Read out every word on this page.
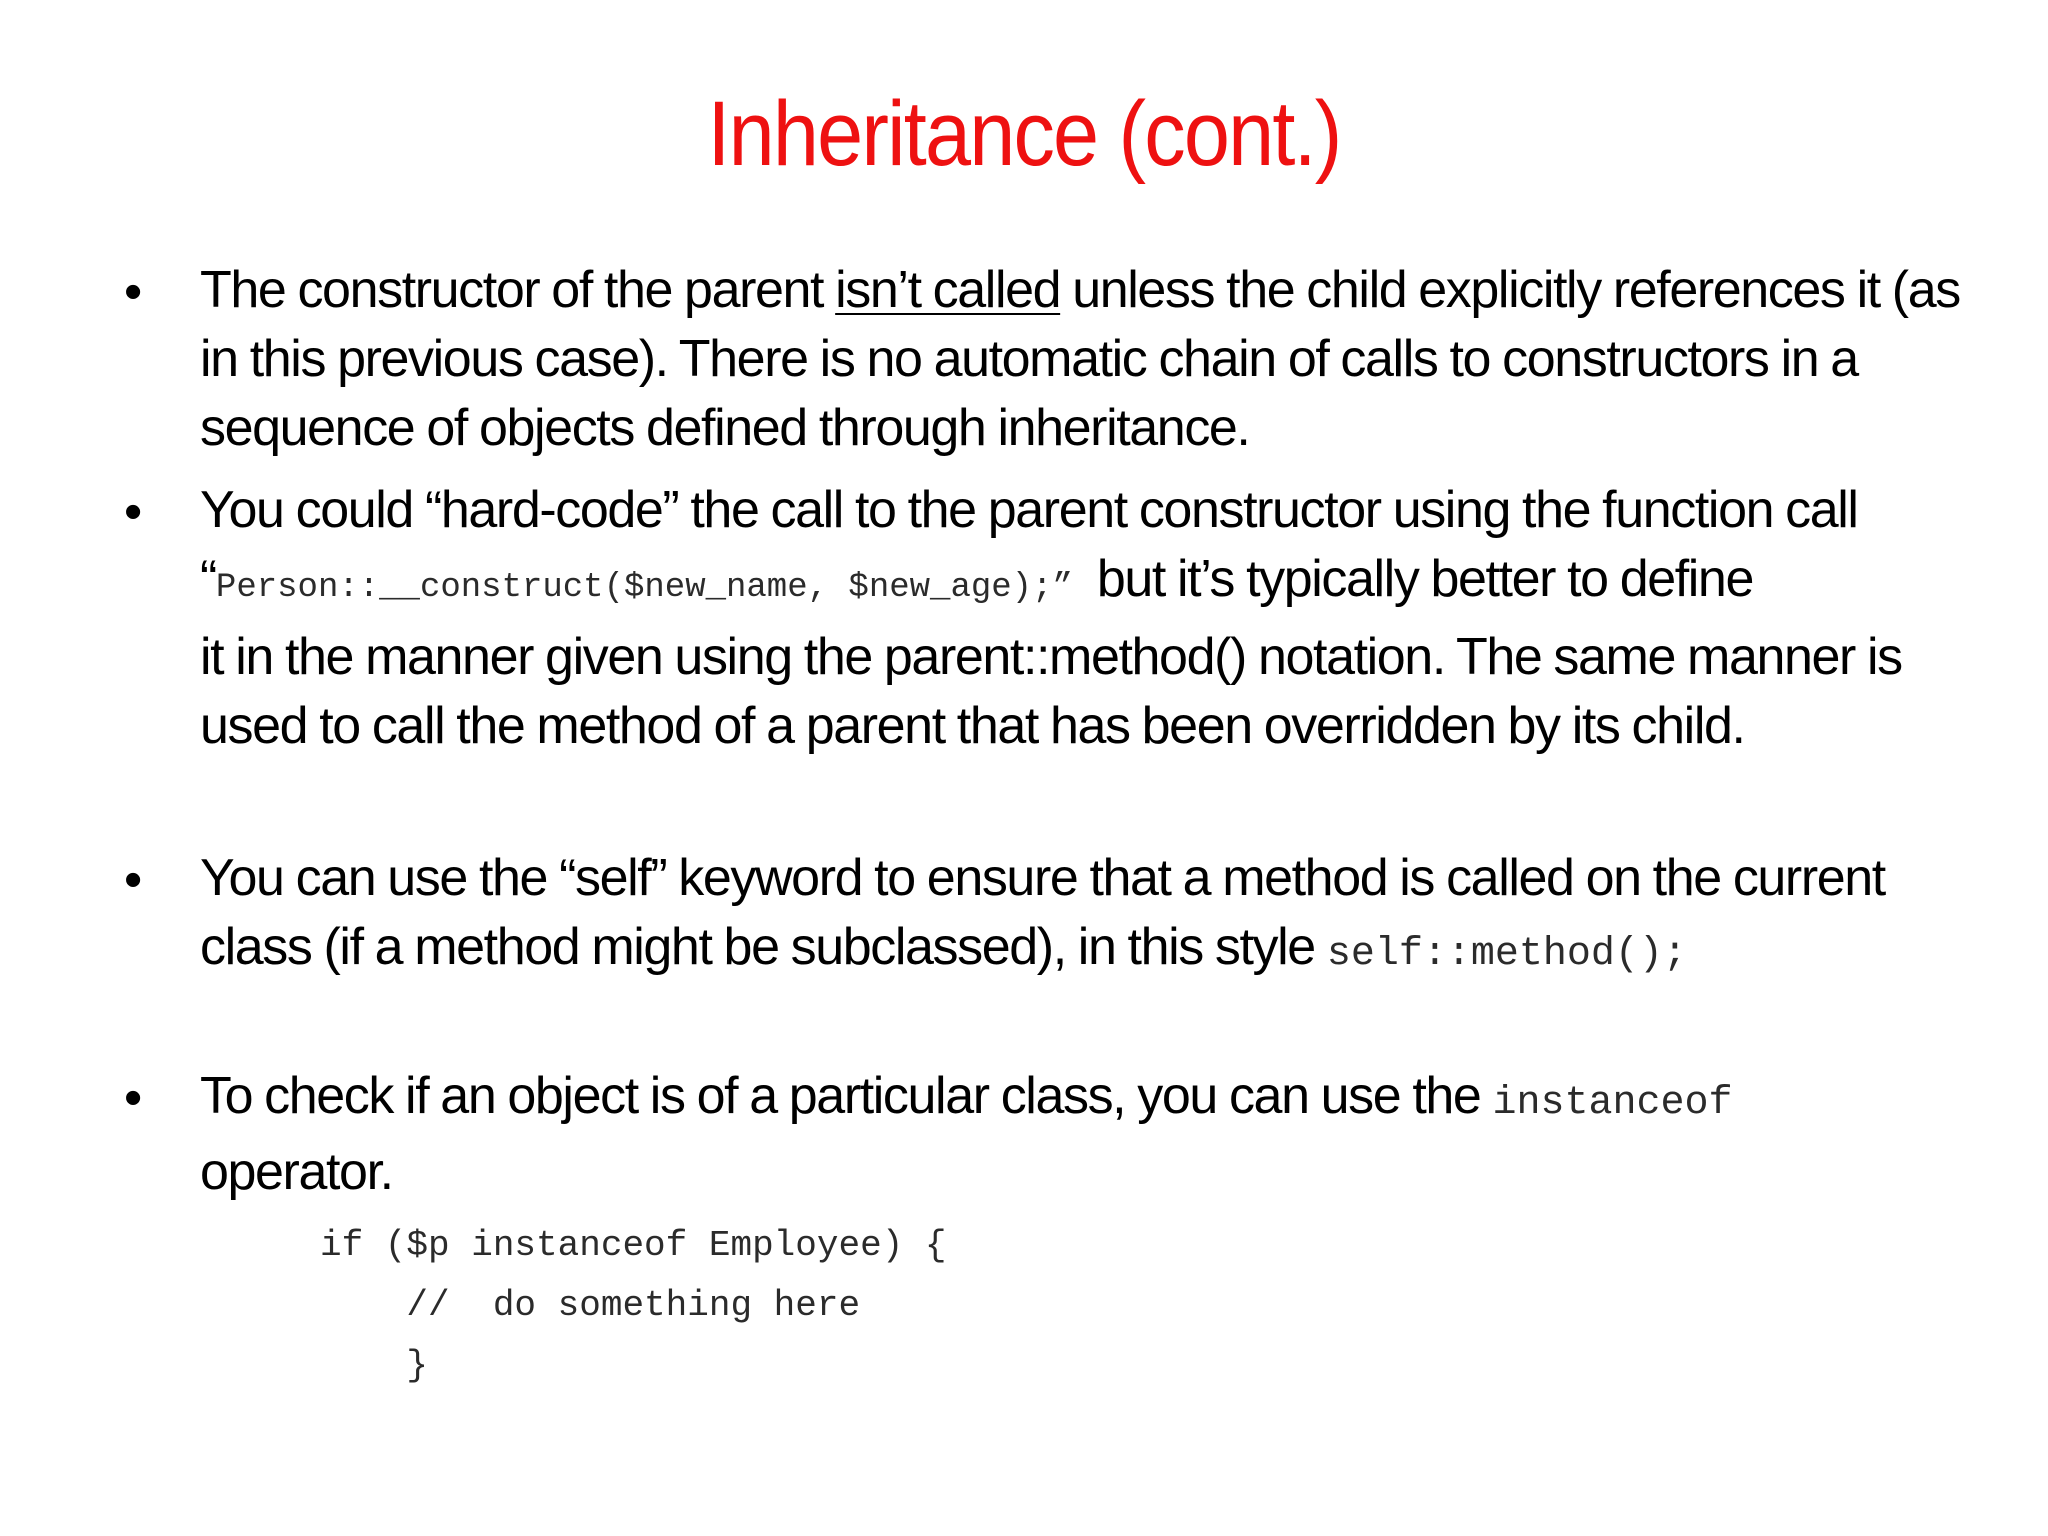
Inheritance (cont.)
• The constructor of the parent isn’t called unless the child explicitly references it (as
in this previous case). There is no automatic chain of calls to constructors in a
sequence of objects defined through inheritance.
• You could “hard-code” the call to the parent constructor using the function call
“Person::__construct($new_name, $new_age);” but it’s typically better to define
it in the manner given using the parent::method() notation. The same manner is
used to call the method of a parent that has been overridden by its child.
• You can use the “self” keyword to ensure that a method is called on the current
class (if a method might be subclassed), in this style self::method();
• To check if an object is of a particular class, you can use the instanceof
operator.
if ($p instanceof Employee) {
//  do something here
}
